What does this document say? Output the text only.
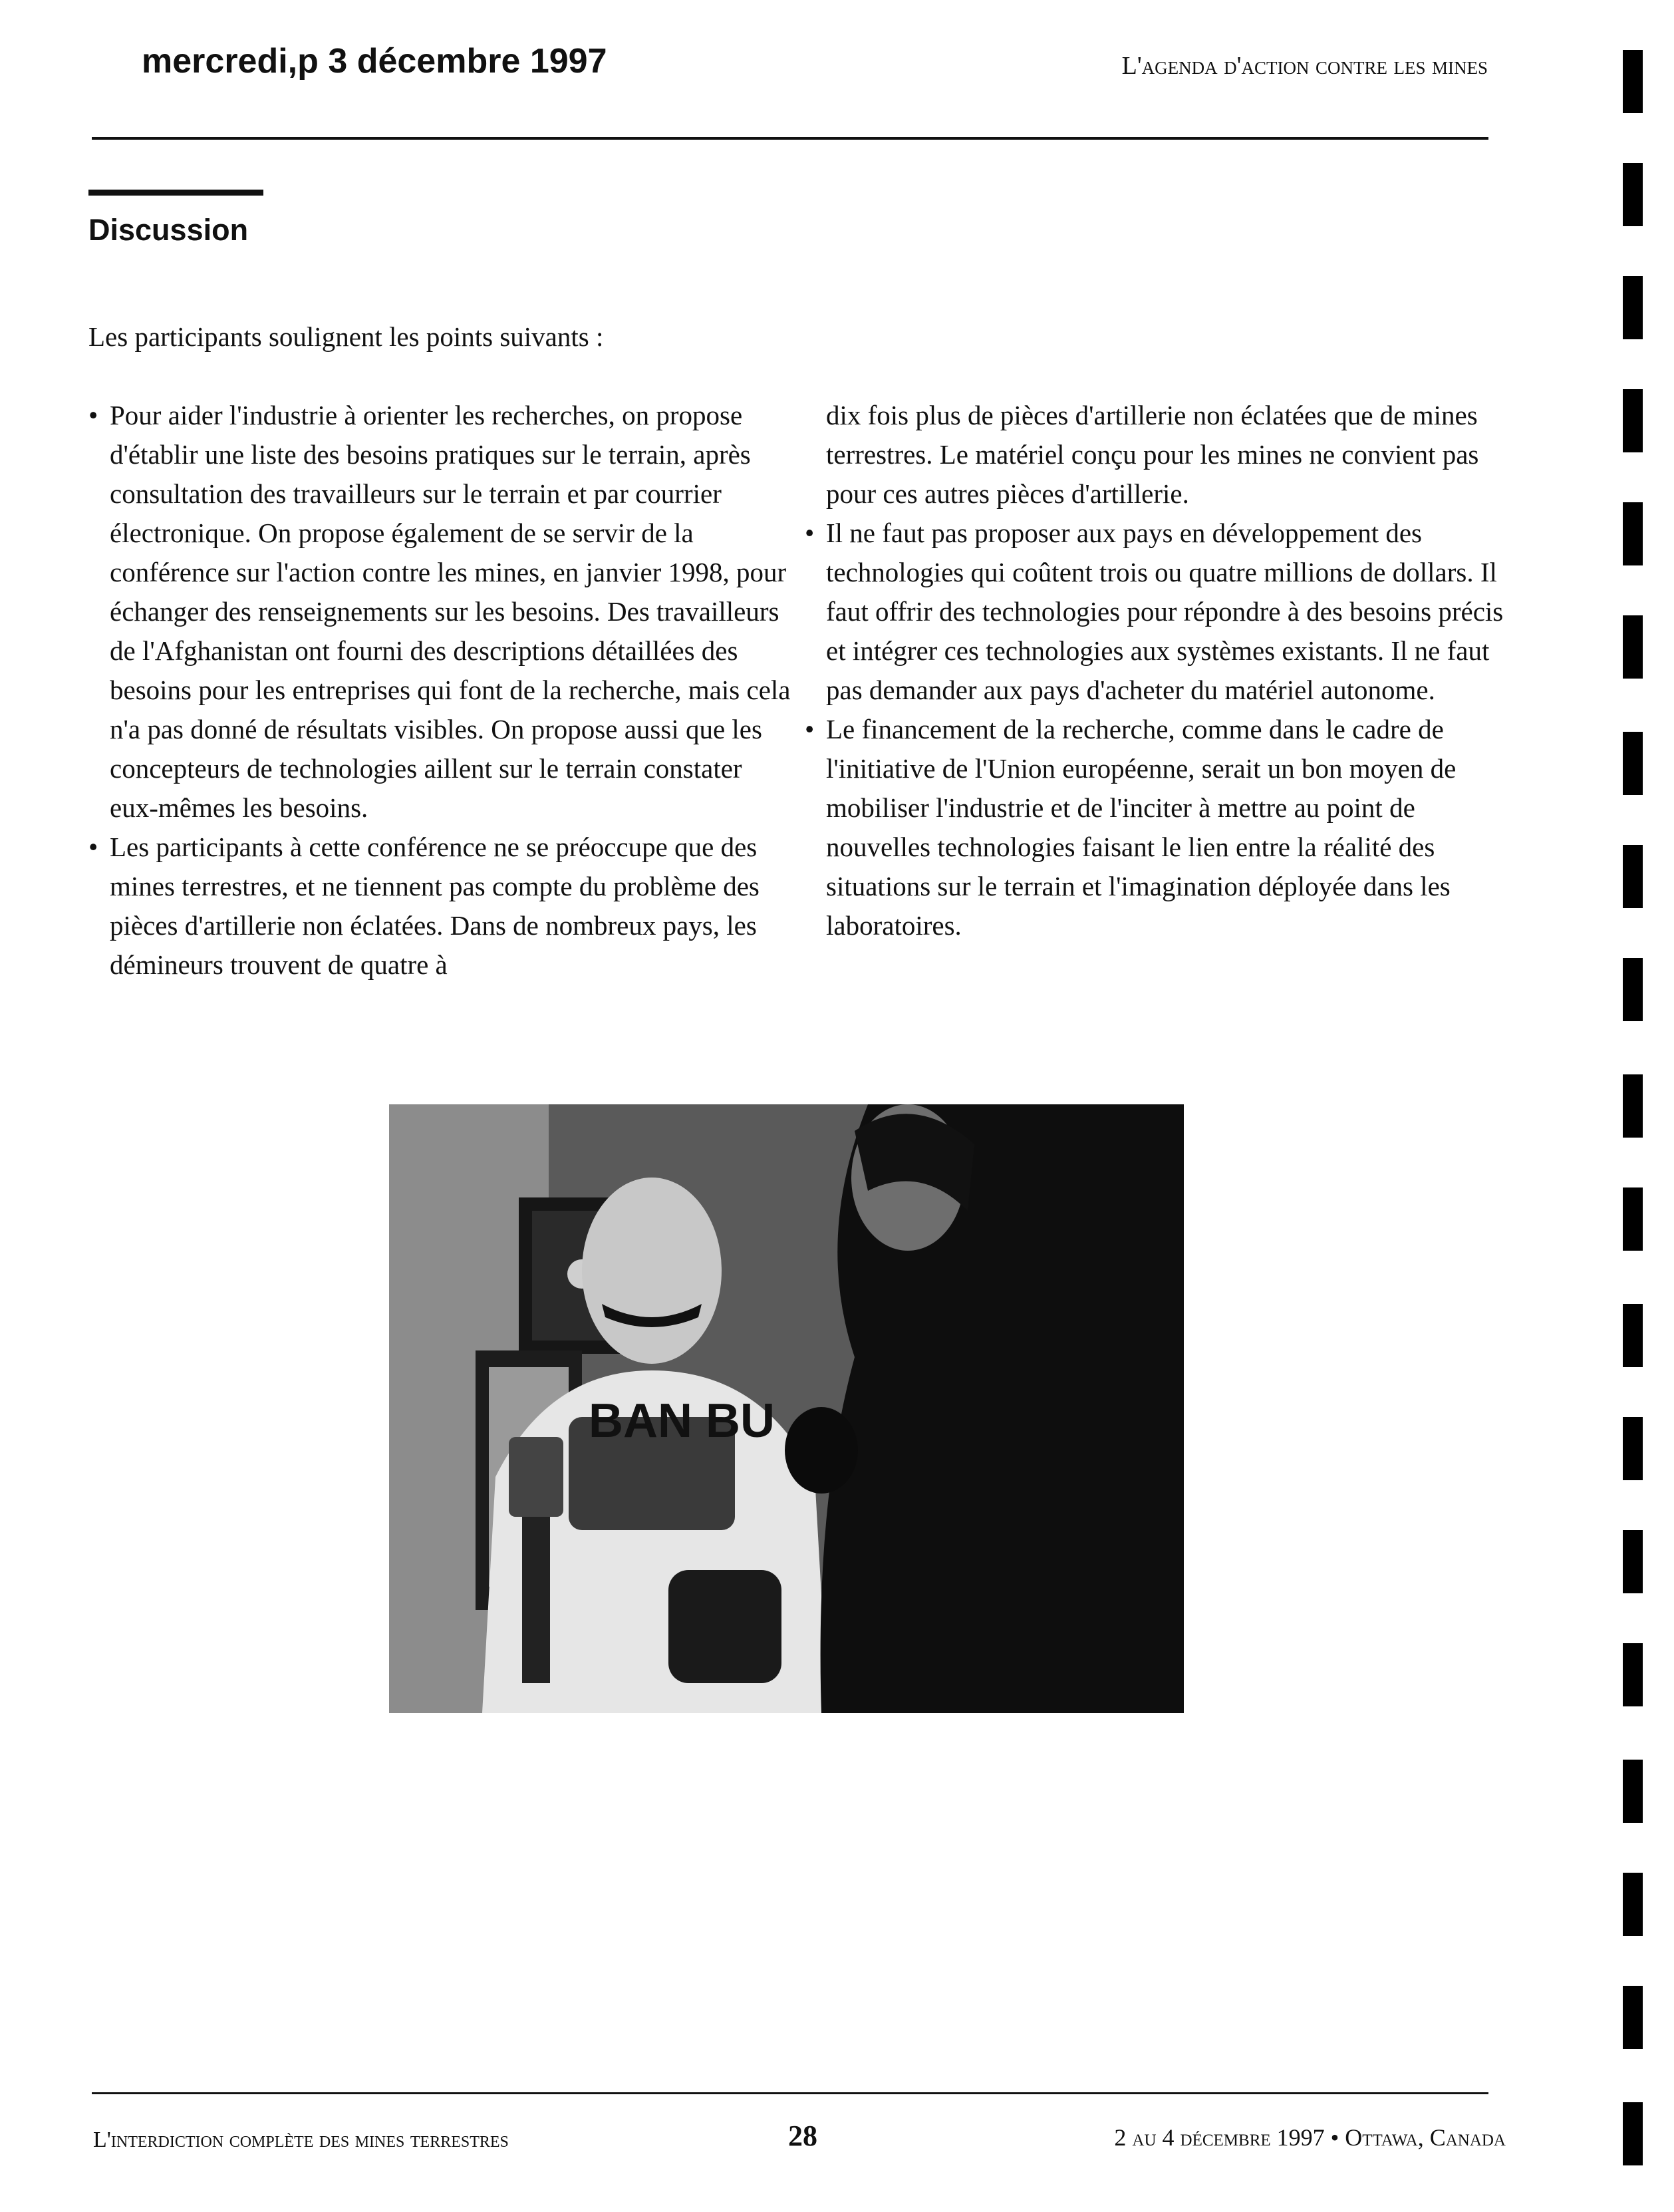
mercredi,p 3 décembre 1997	L'agenda d'action contre les mines
Discussion
Les participants soulignent les points suivants :
• Pour aider l'industrie à orienter les recherches, on propose d'établir une liste des besoins pratiques sur le terrain, après consultation des travailleurs sur le terrain et par courrier électronique. On propose également de se servir de la conférence sur l'action contre les mines, en janvier 1998, pour échanger des renseignements sur les besoins. Des travailleurs de l'Afghanistan ont fourni des descriptions détaillées des besoins pour les entreprises qui font de la recherche, mais cela n'a pas donné de résultats visibles. On propose aussi que les concepteurs de technologies aillent sur le terrain constater eux-mêmes les besoins.
• Les participants à cette conférence ne se préoccupe que des mines terrestres, et ne tiennent pas compte du problème des pièces d'artillerie non éclatées. Dans de nombreux pays, les démineurs trouvent de quatre à
dix fois plus de pièces d'artillerie non éclatées que de mines terrestres. Le matériel conçu pour les mines ne convient pas pour ces autres pièces d'artillerie.
• Il ne faut pas proposer aux pays en développement des technologies qui coûtent trois ou quatre millions de dollars. Il faut offrir des technologies pour répondre à des besoins précis et intégrer ces technologies aux systèmes existants. Il ne faut pas demander aux pays d'acheter du matériel autonome.
• Le financement de la recherche, comme dans le cadre de l'initiative de l'Union européenne, serait un bon moyen de mobiliser l'industrie et de l'inciter à mettre au point de nouvelles technologies faisant le lien entre la réalité des situations sur le terrain et l'imagination déployée dans les laboratoires.
BAN BU
L'interdiction complète des mines terrestres	28	2 au 4 décembre 1997 • Ottawa, Canada
